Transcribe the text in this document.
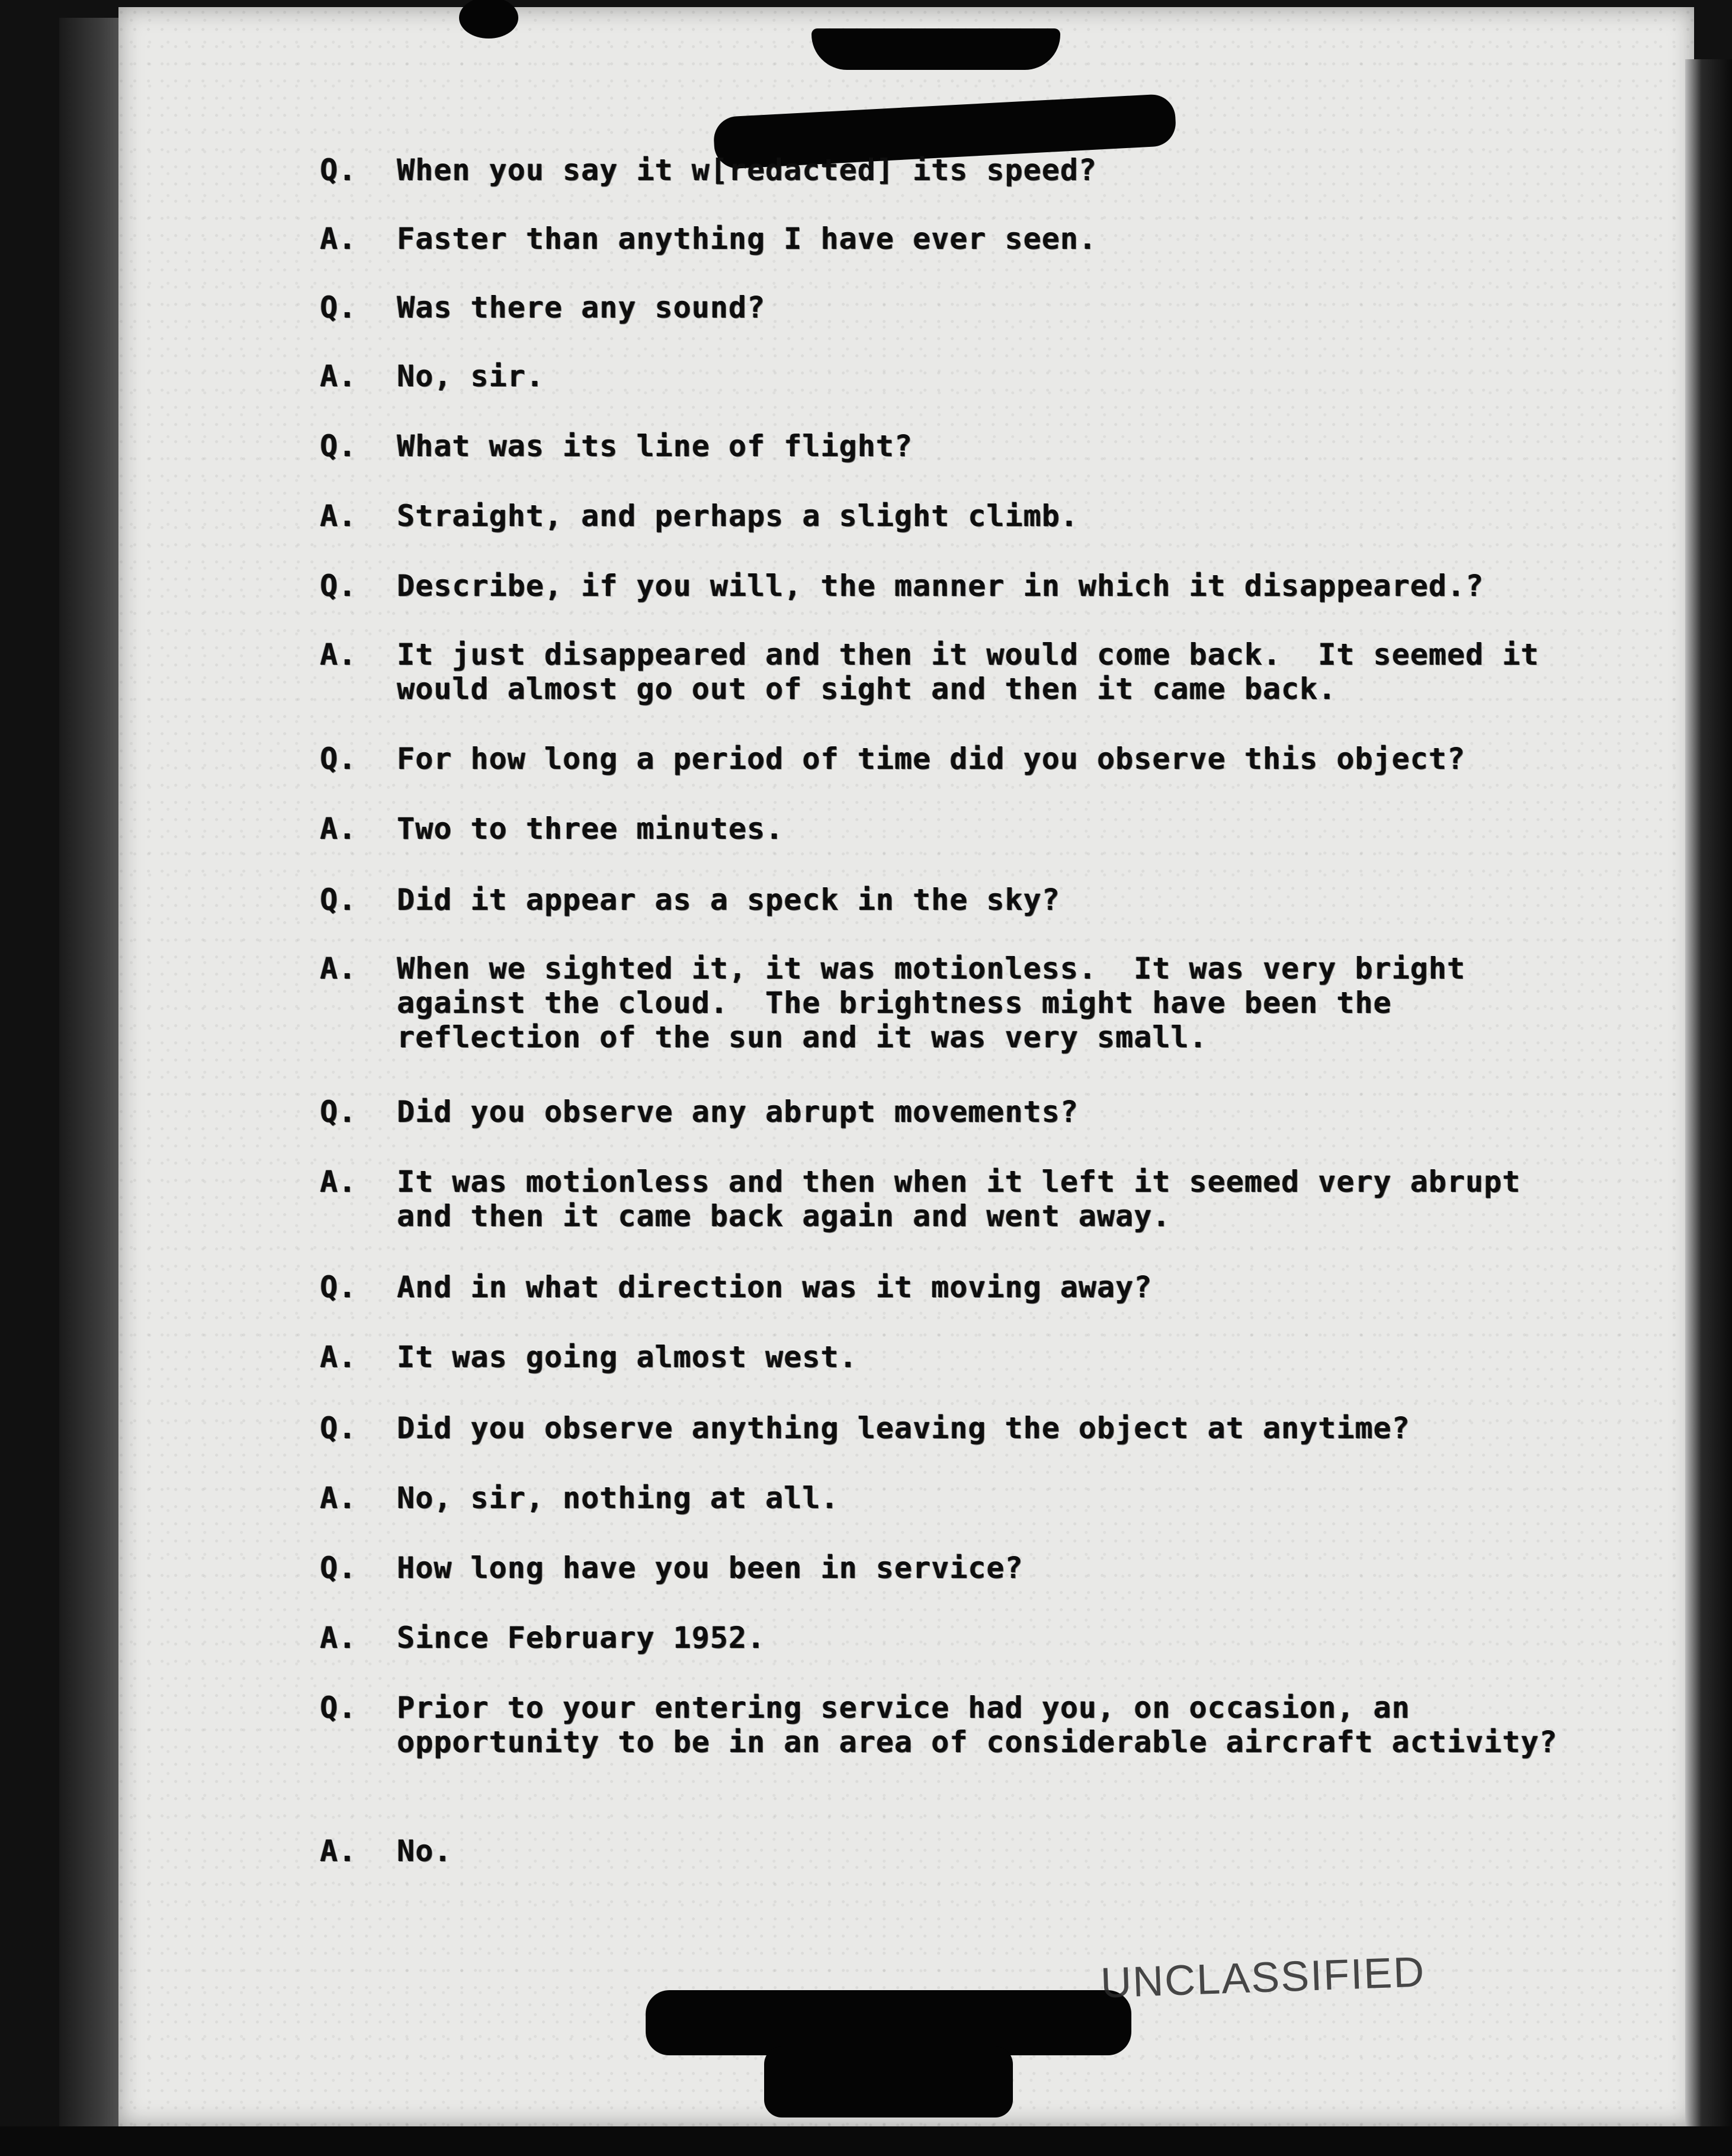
Q.	When you say it w[redacted] its speed?
A.	Faster than anything I have ever seen.
Q.	Was there any sound?
A.	No, sir.
Q.	What was its line of flight?
A.	Straight, and perhaps a slight climb.
Q.	Describe, if you will, the manner in which it disappeared.?
A.	It just disappeared and then it would come back.  It seemed it would almost go out of sight and then it came back.
Q.	For how long a period of time did you observe this object?
A.	Two to three minutes.
Q.	Did it appear as a speck in the sky?
A.	When we sighted it, it was motionless.  It was very bright against the cloud.  The brightness might have been the reflection of the sun and it was very small.
Q.	Did you observe any abrupt movements?
A.	It was motionless and then when it left it seemed very abrupt and then it came back again and went away.
Q.	And in what direction was it moving away?
A.	It was going almost west.
Q.	Did you observe anything leaving the object at anytime?
A.	No, sir, nothing at all.
Q.	How long have you been in service?
A.	Since February 1952.
Q.	Prior to your entering service had you, on occasion, an opportunity to be in an area of considerable aircraft activity?
A.	No.
UNCLASSIFIED
